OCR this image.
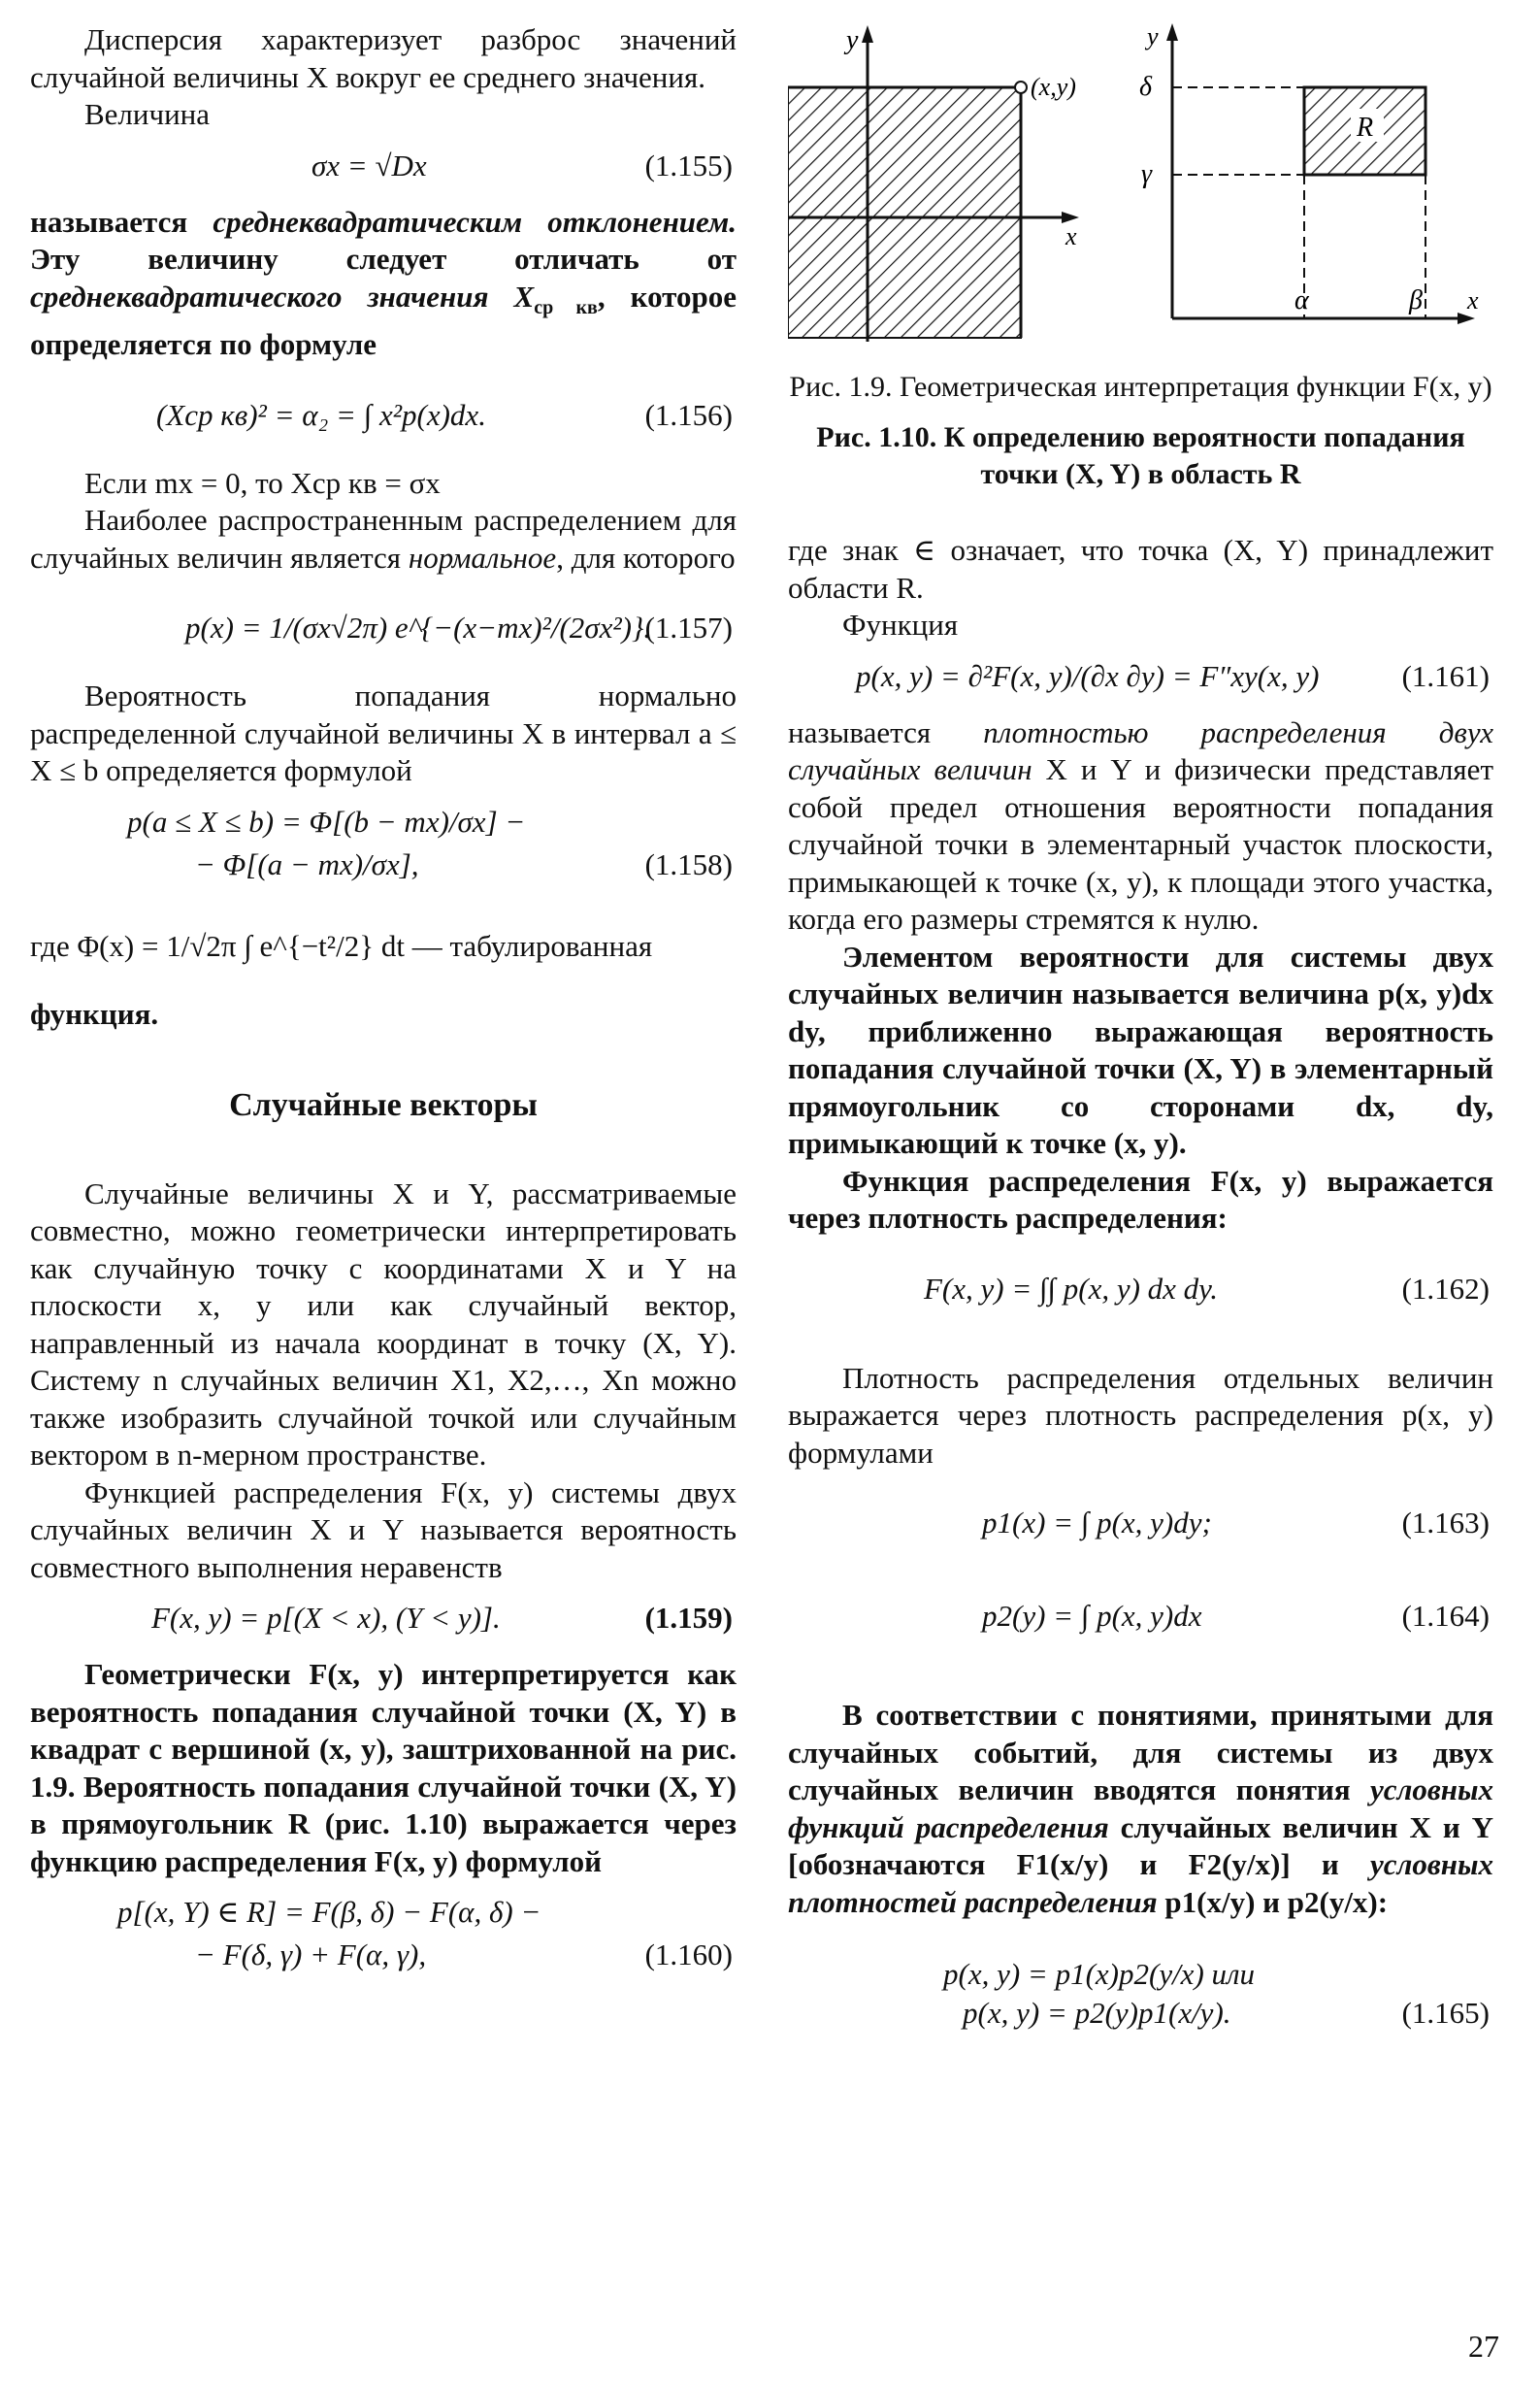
Дисперсия характеризует разброс значений случайной величины X вокруг ее среднего значения.

Величина

σx = √Dx	(1.155)

называется среднеквадратическим отклонением. Эту величину следует отличать от среднеквадратического значения $X_{ср кв}$, которое определяется по формуле

(Xср кв)² = α₂ = ∫ x²p(x)dx.	(1.156)

Если mx = 0, то Xср кв = σx

Наиболее распространенным распределением для случайных величин является нормальное, для которого

p(x) = 1/(σx√2π) e^{−(x−mx)²/(2σx²)}.
(1.157)

Вероятность попадания нормально распределенной случайной величины X в интервал a ≤ X ≤ b определяется формулой

p(a ≤ X ≤ b) = Φ[(b − mx)/σx] −
− Φ[(a − mx)/σx],	(1.158)
где Φ(x) = 1/√2π ∫ e^{−t²/2} dt — табулированная

функция.

Случайные векторы

Случайные величины X и Y, рассматриваемые совместно, можно геометрически интерпретировать как случайную точку с координатами X и Y на плоскости x, y или как случайный вектор, направленный из начала координат в точку (X, Y). Систему n случайных величин X1, X2,…, Xn можно также изобразить случайной точкой или случайным вектором в n-мерном пространстве.

Функцией распределения F(x, y) системы двух случайных величин X и Y называется вероятность совместного выполнения неравенств

F(x, y) = p[(X < x), (Y < y)].	(1.159)

Геометрически F(x, y) интерпретируется как вероятность попадания случайной точки (X, Y) в квадрат с вершиной (x, y), заштрихованной на рис. 1.9. Вероятность попадания случайной точки (X, Y) в прямоугольник R (рис. 1.10) выражается через функцию распределения F(x, y) формулой

p[(x, Y) ∈ R] = F(β, δ) − F(α, δ) −
− F(δ, γ) + F(α, γ),	(1.160)
y
(x,y)
x
R
y
δ
γ
α	β x

Рис. 1.9. Геометрическая интерпретация функции F(x, y)

Рис. 1.10. К определению вероятности попадания точки (X, Y) в область R

где знак ∈ означает, что точка (X, Y) принадлежит области R.

Функция

p(x, y) = ∂²F(x, y)/(∂x ∂y) = F″xy(x, y)	(1.161)

называется плотностью распределения двух случайных величин X и Y и физически представляет собой предел отношения вероятности попадания случайной точки в элементарный участок плоскости, примыкающей к точке (x, y), к площади этого участка, когда его размеры стремятся к нулю.

Элементом вероятности для системы двух случайных величин называется величина p(x, y)dx dy, приближенно выражающая вероятность попадания случайной точки (X, Y) в элементарный прямоугольник со сторонами dx, dy, примыкающий к точке (x, y).

Функция распределения F(x, y) выражается через плотность распределения:

F(x, y) = ∫∫ p(x, y) dx dy.	(1.162)

Плотность распределения отдельных величин выражается через плотность распределения p(x, y) формулами

p1(x) = ∫ p(x, y)dy;	(1.163)
p2(y) = ∫ p(x, y)dx	(1.164)

В соответствии с понятиями, принятыми для случайных событий, для системы из двух случайных величин вводятся понятия условных функций распределения случайных величин X и Y [обозначаются F1(x/y) и F2(y/x)] и условных плотностей распределения p1(x/y) и p2(y/x):

p(x, y) = p1(x)p2(y/x) или
p(x, y) = p2(y)p1(x/y).	(1.165)
27
